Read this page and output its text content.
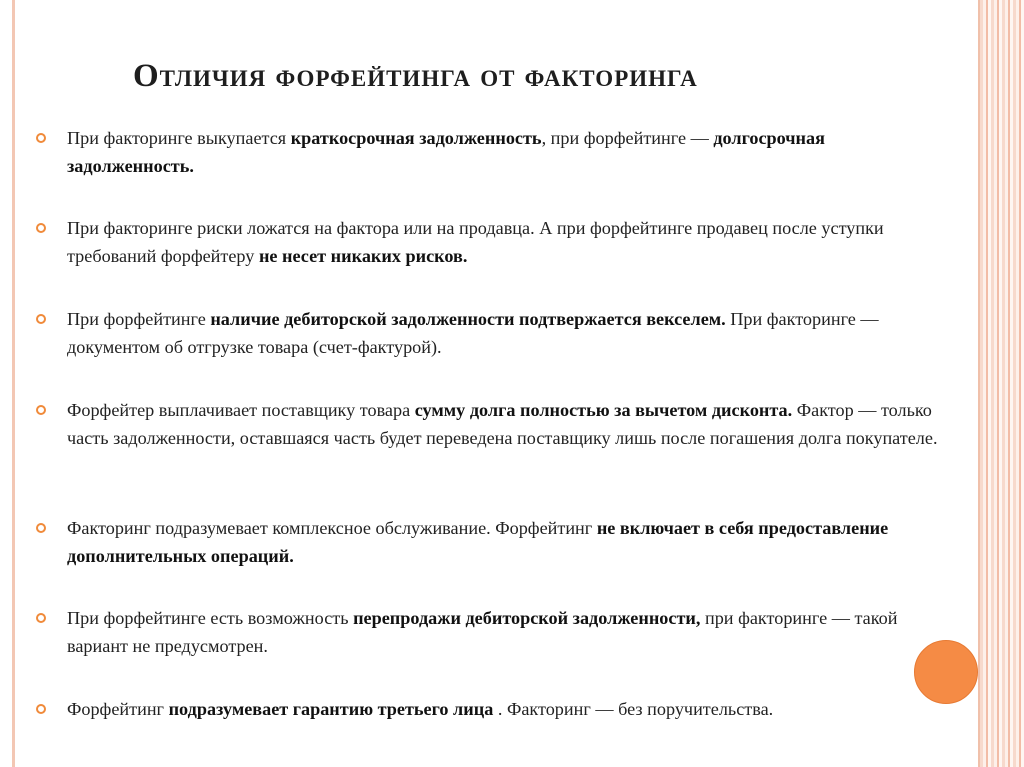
Отличия форфейтинга от факторинга
При факторинге выкупается краткосрочная задолженность, при форфейтинге — долгосрочная задолженность.
При факторинге риски ложатся на фактора или на продавца. А при форфейтинге продавец после уступки требований форфейтеру не несет никаких рисков.
При форфейтинге наличие дебиторской задолженности подтвержается векселем. При факторинге — документом об отгрузке товара (счет-фактурой).
Форфейтер выплачивает поставщику товара сумму долга полностью за вычетом дисконта. Фактор — только часть задолженности, оставшаяся часть будет переведена поставщику лишь после погашения долга покупателе.
Факторинг подразумевает комплексное обслуживание. Форфейтинг не включает в себя предоставление дополнительных операций.
При форфейтинге есть возможность перепродажи дебиторской задолженности, при факторинге — такой вариант не предусмотрен.
Форфейтинг подразумевает гарантию третьего лица . Факторинг — без поручительства.
